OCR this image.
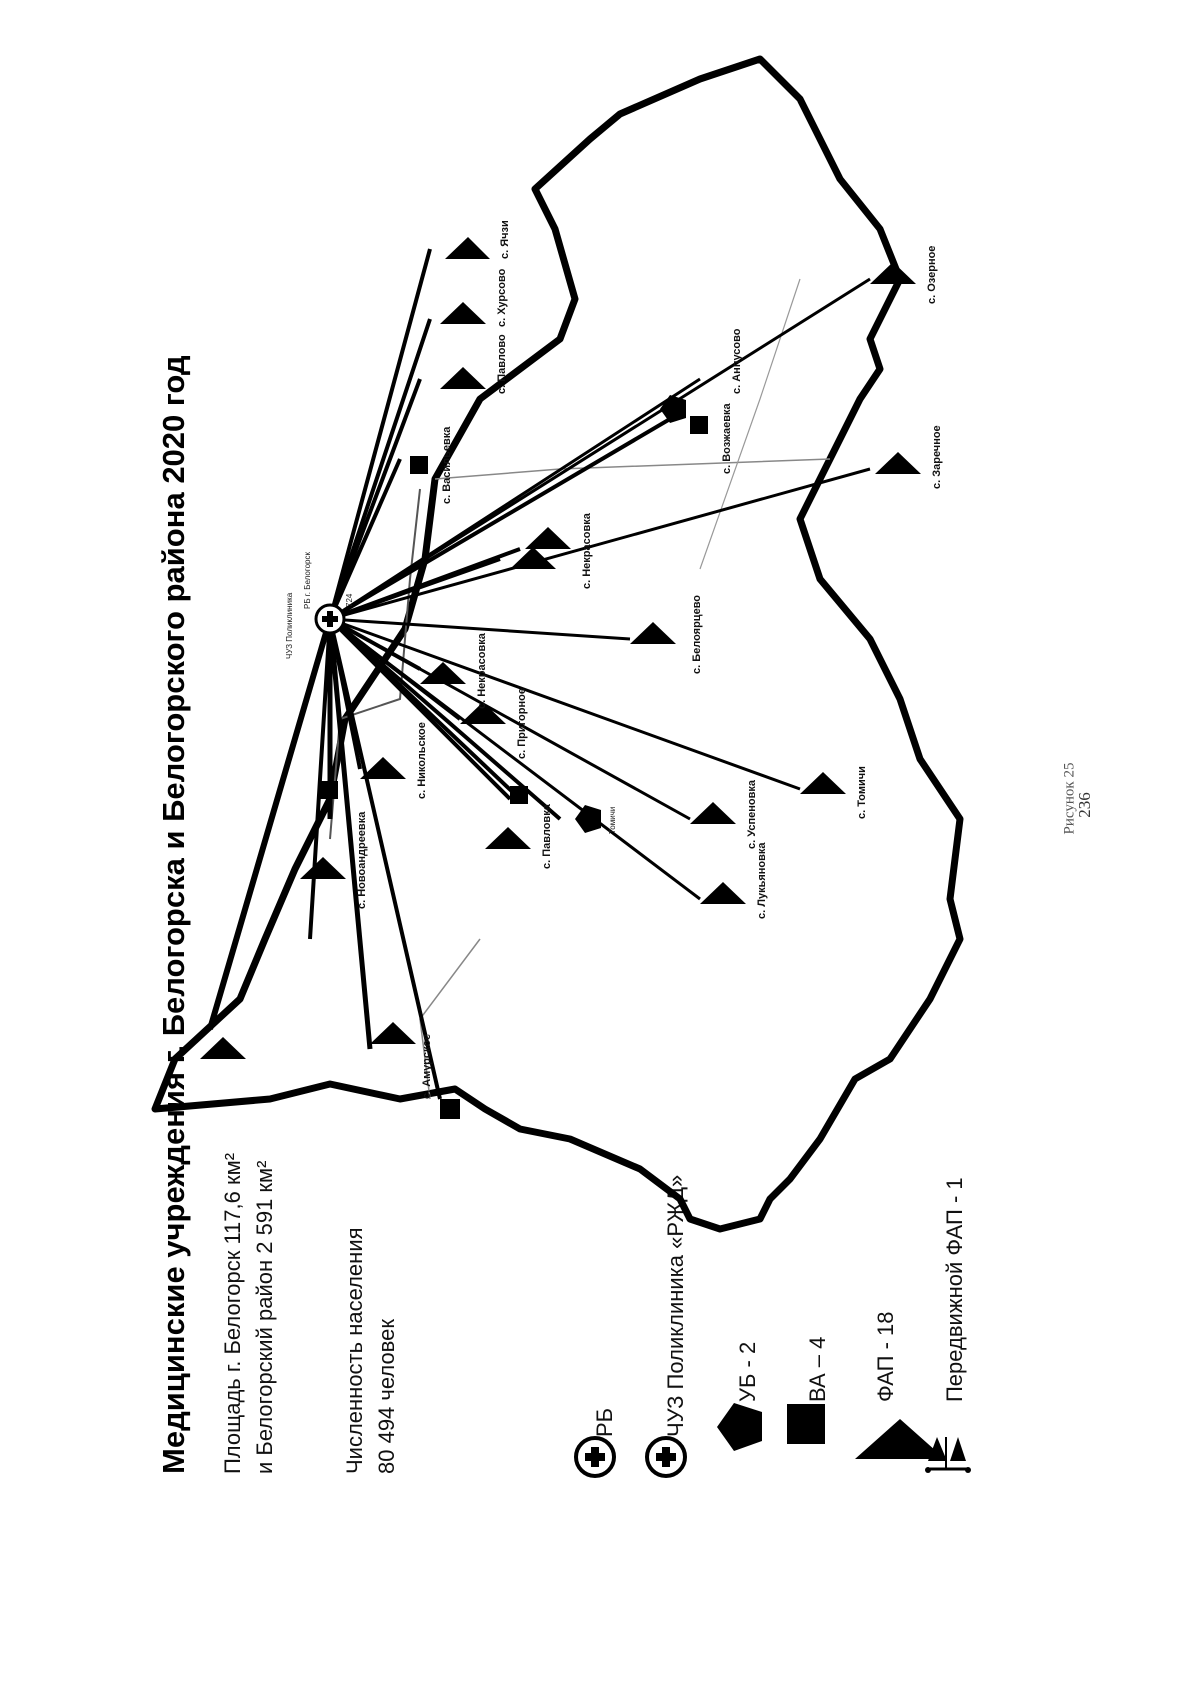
236
Рисунок 25
Медицинские учреждения г. Белогорска и Белогорского района 2020 год Площадь г. Белогорск 117,6 км² и Белогорский район 2 591 км²	Численность населения 80 494 человек	РБ ЧУЗ Поликлиника «РЖД» УБ - 2 ВА – 4 ФАП - 18 Передвижной ФАП - 1
РБ г. Белогорск	724
ЧУЗ Поликлиника
с. Ячзи
с. Хурсово
с. Павлово
с. Васильевка
с. Анпусово
с. Возжаевка
с. Озерное
с. Заречное
с. Некрасовка
с. Белоярцево
с. Томичи
с. Пригорное
с. Успеновка
с. Лукьяновка
с. Павловка
с. Некрасовка
с. Никольское
с. Новоандреевка
с. Амурское
Томичи
